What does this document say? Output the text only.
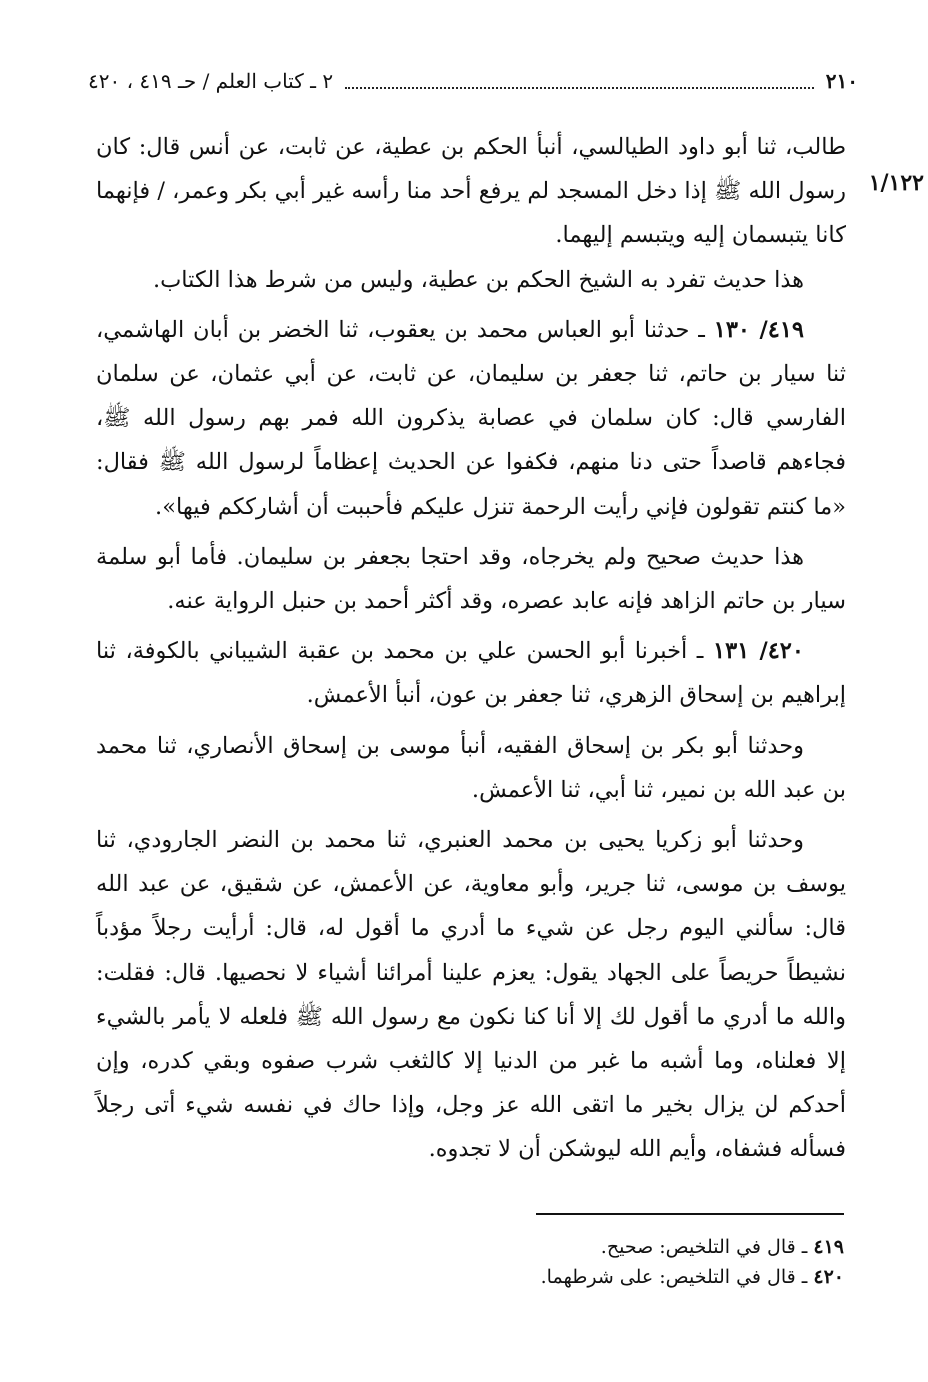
٢١٠
٢ ـ كتاب العلم / حـ ٤١٩ ، ٤٢٠
١/١٢٢

طالب، ثنا أبو داود الطيالسي، أنبأ الحكم بن عطية، عن ثابت، عن أنس قال: كان رسول الله ﷺ إذا دخل المسجد لم يرفع أحد منا رأسه غير أبي بكر وعمر، / فإنهما كانا يتبسمان إليه ويتبسم إليهما.

هذا حديث تفرد به الشيخ الحكم بن عطية، وليس من شرط هذا الكتاب.

٤١٩/ ١٣٠ ـ حدثنا أبو العباس محمد بن يعقوب، ثنا الخضر بن أبان الهاشمي، ثنا سيار بن حاتم، ثنا جعفر بن سليمان، عن ثابت، عن أبي عثمان، عن سلمان الفارسي قال: كان سلمان في عصابة يذكرون الله فمر بهم رسول الله ﷺ، فجاءهم قاصداً حتى دنا منهم، فكفوا عن الحديث إعظاماً لرسول الله ﷺ فقال: «ما كنتم تقولون فإني رأيت الرحمة تنزل عليكم فأحببت أن أشارككم فيها».

هذا حديث صحيح ولم يخرجاه، وقد احتجا بجعفر بن سليمان. فأما أبو سلمة سيار بن حاتم الزاهد فإنه عابد عصره، وقد أكثر أحمد بن حنبل الرواية عنه.

٤٢٠/ ١٣١ ـ أخبرنا أبو الحسن علي بن محمد بن عقبة الشيباني بالكوفة، ثنا إبراهيم بن إسحاق الزهري، ثنا جعفر بن عون، أنبأ الأعمش.

وحدثنا أبو بكر بن إسحاق الفقيه، أنبأ موسى بن إسحاق الأنصاري، ثنا محمد بن عبد الله بن نمير، ثنا أبي، ثنا الأعمش.

وحدثنا أبو زكريا يحيى بن محمد العنبري، ثنا محمد بن النضر الجارودي، ثنا يوسف بن موسى، ثنا جرير، وأبو معاوية، عن الأعمش، عن شقيق، عن عبد الله قال: سألني اليوم رجل عن شيء ما أدري ما أقول له، قال: أرأيت رجلاً مؤدباً نشيطاً حريصاً على الجهاد يقول: يعزم علينا أمرائنا أشياء لا نحصيها. قال: فقلت: والله ما أدري ما أقول لك إلا أنا كنا نكون مع رسول الله ﷺ فلعله لا يأمر بالشيء إلا فعلناه، وما أشبه ما غبر من الدنيا إلا كالثغب شرب صفوه وبقي كدره، وإن أحدكم لن يزال بخير ما اتقى الله عز وجل، وإذا حاك في نفسه شيء أتى رجلاً فسأله فشفاه، وأيم الله ليوشكن أن لا تجدوه.

٤١٩ ـ قال في التلخيص: صحيح.

٤٢٠ ـ قال في التلخيص: على شرطهما.
